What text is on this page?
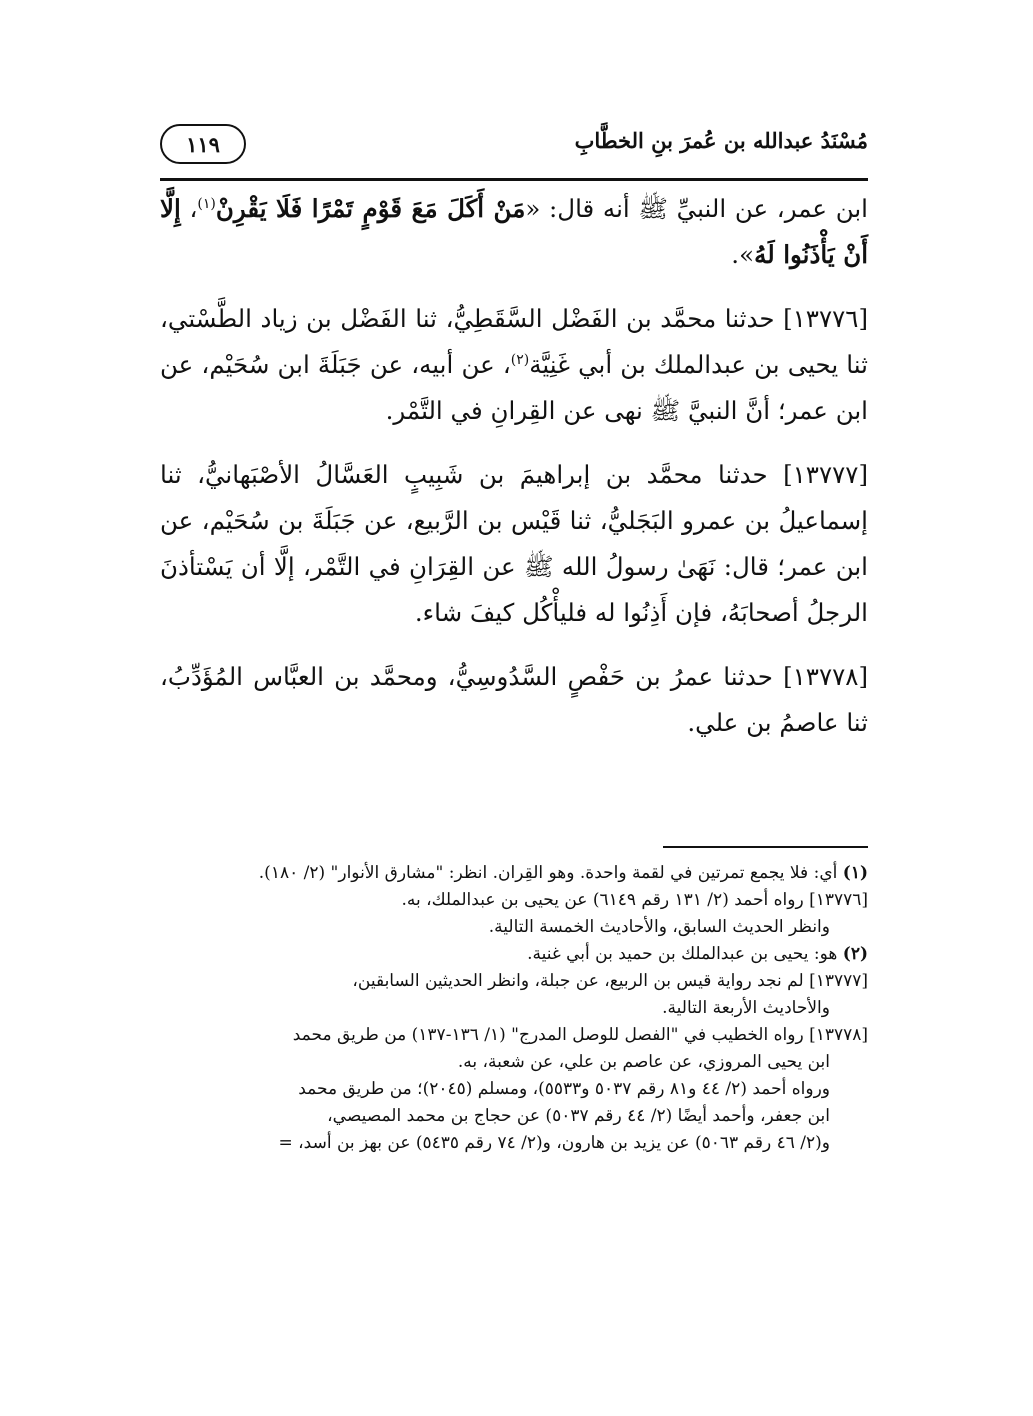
مُسْنَدُ عبدالله بن عُمرَ بنِ الخطَّابِ
١١٩

ابن عمر، عن النبيِّ ﷺ أنه قال: «مَنْ أَكَلَ مَعَ قَوْمٍ تَمْرًا فَلَا يَقْرِنْ$^{(١)}$، إِلَّا أَنْ يَأْذَنُوا لَهُ».

[١٣٧٧٦] حدثنا محمَّد بن الفَضْل السَّقَطِيُّ، ثنا الفَضْل بن زياد الطَّسْتي، ثنا يحيى بن عبدالملك بن أبي غَنِيَّة$^{(٢)}$، عن أبيه، عن جَبَلَةَ ابن سُحَيْم، عن ابن عمر؛ أنَّ النبيَّ ﷺ نهى عن القِرانِ في التَّمْر.

[١٣٧٧٧] حدثنا محمَّد بن إبراهيمَ بن شَبِيبٍ العَسَّالُ الأصْبَهانيُّ، ثنا إسماعيلُ بن عمرو البَجَليُّ، ثنا قَيْس بن الرَّبيع، عن جَبَلَةَ بن سُحَيْم، عن ابن عمر؛ قال: نَهَىٰ رسولُ الله ﷺ عن القِرَانِ في التَّمْر، إلَّا أن يَسْتأذنَ الرجلُ أصحابَهُ، فإن أَذِنُوا له فليأْكُل كيفَ شاء.

[١٣٧٧٨] حدثنا عمرُ بن حَفْصٍ السَّدُوسِيُّ، ومحمَّد بن العبَّاس المُؤَدِّبُ، ثنا عاصمُ بن علي.

(١) أي: فلا يجمع تمرتين في لقمة واحدة. وهو القِران. انظر: "مشارق الأنوار" (٢/ ١٨٠).

[١٣٧٧٦] رواه أحمد (٢/ ١٣١ رقم ٦١٤٩) عن يحيى بن عبدالملك، به.

وانظر الحديث السابق، والأحاديث الخمسة التالية.

(٢) هو: يحيى بن عبدالملك بن حميد بن أبي غنية.

[١٣٧٧٧] لم نجد رواية قيس بن الربيع، عن جبلة، وانظر الحديثين السابقين،

والأحاديث الأربعة التالية.

[١٣٧٧٨] رواه الخطيب في "الفصل للوصل المدرج" (١/ ١٣٦-١٣٧) من طريق محمد

ابن يحيى المروزي، عن عاصم بن علي، عن شعبة، به.

ورواه أحمد (٢/ ٤٤ و٨١ رقم ٥٠٣٧ و٥٥٣٣)، ومسلم (٢٠٤٥)؛ من طريق محمد

ابن جعفر، وأحمد أيضًا (٢/ ٤٤ رقم ٥٠٣٧) عن حجاج بن محمد المصيصي،

و(٢/ ٤٦ رقم ٥٠٦٣) عن يزيد بن هارون، و(٢/ ٧٤ رقم ٥٤٣٥) عن بهز بن أسد، =
